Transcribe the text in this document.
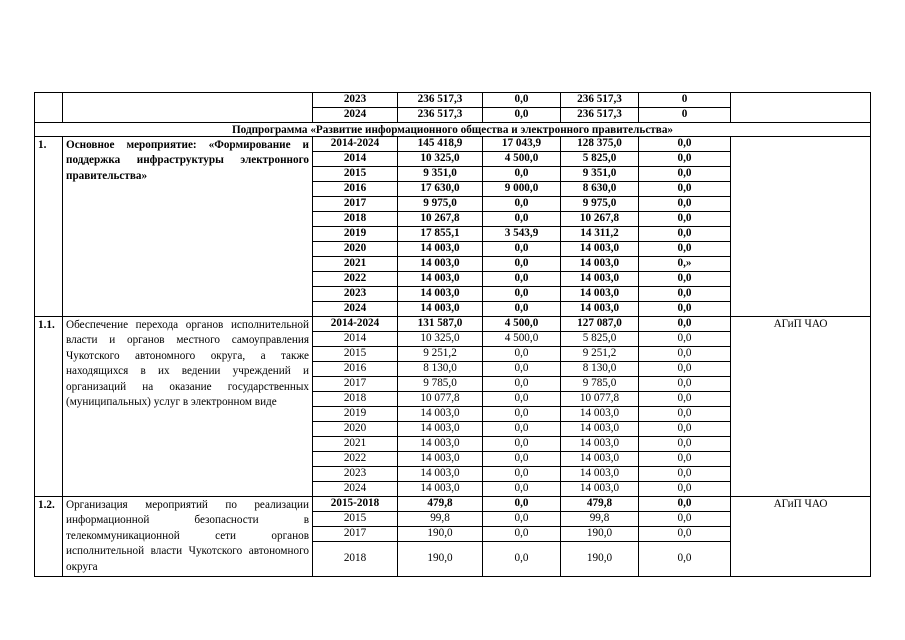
		2023	236 517,3	0,0	236 517,3	0	
		2024	236 517,3	0,0	236 517,3	0	
Подпрограмма «Развитие информационного общества и электронного правительства»							
1.	Основное мероприятие: «Формирование и поддержка инфраструктуры электронного правительства»	2014-2024	145 418,9	17 043,9	128 375,0	0,0	
		2014	10 325,0	4 500,0	5 825,0	0,0	
		2015	9 351,0	0,0	9 351,0	0,0	
		2016	17 630,0	9 000,0	8 630,0	0,0	
		2017	9 975,0	0,0	9 975,0	0,0	
		2018	10 267,8	0,0	10 267,8	0,0	
		2019	17 855,1	3 543,9	14 311,2	0,0	
		2020	14 003,0	0,0	14 003,0	0,0	
		2021	14 003,0	0,0	14 003,0	0,»	
		2022	14 003,0	0,0	14 003,0	0,0	
		2023	14 003,0	0,0	14 003,0	0,0	
		2024	14 003,0	0,0	14 003,0	0,0	
1.1.	Обеспечение перехода органов исполнительной власти и органов местного самоуправления Чукотского автономного округа, а также находящихся в их ведении учреждений и организаций на оказание государственных (муниципальных) услуг в электронном виде	2014-2024	131 587,0	4 500,0	127 087,0	0,0	АГиП ЧАО
		2014	10 325,0	4 500,0	5 825,0	0,0	
		2015	9 251,2	0,0	9 251,2	0,0	
		2016	8 130,0	0,0	8 130,0	0,0	
		2017	9 785,0	0,0	9 785,0	0,0	
		2018	10 077,8	0,0	10 077,8	0,0	
		2019	14 003,0	0,0	14 003,0	0,0	
		2020	14 003,0	0,0	14 003,0	0,0	
		2021	14 003,0	0,0	14 003,0	0,0	
		2022	14 003,0	0,0	14 003,0	0,0	
		2023	14 003,0	0,0	14 003,0	0,0	
		2024	14 003,0	0,0	14 003,0	0,0	
1.2.	Организация мероприятий по реализации информационной безопасности в телекоммуникационной сети органов исполнительной власти Чукотского автономного округа	2015-2018	479,8	0,0	479,8	0,0	АГиП ЧАО
		2015	99,8	0,0	99,8	0,0	
		2017	190,0	0,0	190,0	0,0	
		2018	190,0	0,0	190,0	0,0	
